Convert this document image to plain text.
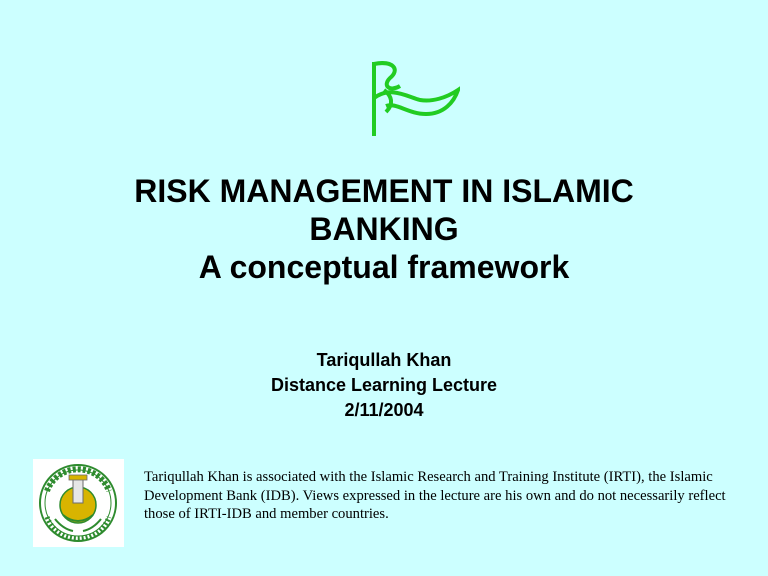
RISK MANAGEMENT IN ISLAMIC
BANKING
A conceptual framework
Tariqullah Khan
Distance Learning Lecture
2/11/2004
Tariqullah Khan is associated with the Islamic Research and Training Institute (IRTI), the Islamic Development Bank (IDB). Views expressed in the lecture are his own and do not necessarily reflect those of IRTI-IDB and member countries.
